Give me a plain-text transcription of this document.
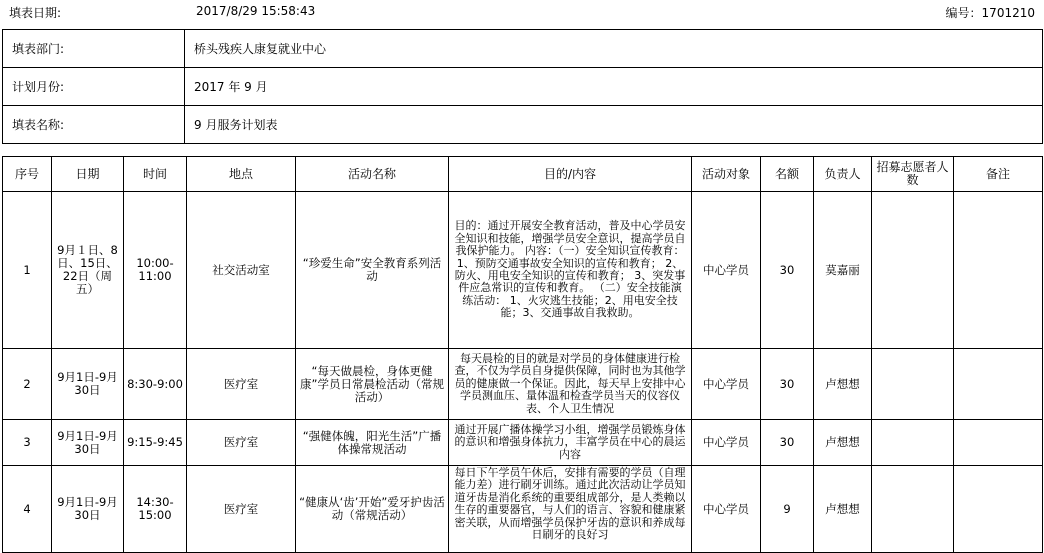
填表日期:	2017/8/29 15:58:43	编号：1701210
填表部门:	桥头残疾人康复就业中心
计划月份:	2017 年 9 月
填表名称:	9 月服务计划表
序号	日期	时间	地点	活动名称	目的/内容	活动对象	名额	负责人	招募志愿者人数	备注
1	9月１日、8日、15日、22日（周五）	10:00-11:00	社交活动室	“珍爱生命”安全教育系列活动	目的：通过开展安全教育活动，普及中心学员安全知识和技能，增强学员安全意识，提高学员自我保护能力。 内容：（一）安全知识宣传教育： 1、预防交通事故安全知识的宣传和教育； 2、防火、用电安全知识的宣传和教育； 3、突发事件应急常识的宣传和教育。 （二）安全技能演练活动： 1、火灾逃生技能；2、用电安全技能；3、交通事故自我救助。	中心学员	30	莫嘉丽		
2	9月1日-9月30日	8:30-9:00	医疗室	“每天做晨检，身体更健康”学员日常晨检活动（常规活动）	每天晨检的目的就是对学员的身体健康进行检查，不仅为学员自身提供保障，同时也为其他学员的健康做一个保证。因此，每天早上安排中心学员测血压、量体温和检查学员当天的仪容仪表、个人卫生情况	中心学员	30	卢想想		
3	9月1日-9月30日	9:15-9:45	医疗室	“强健体魄，阳光生活”广播体操常规活动	通过开展广播体操学习小组，增强学员锻炼身体的意识和增强身体抗力，丰富学员在中心的晨运内容	中心学员	30	卢想想		
4	9月1日-9月30日	14:30-15:00	医疗室	“健康从‘齿’开始”爱牙护齿活动（常规活动）	每日下午学员午休后，安排有需要的学员（自理能力差）进行刷牙训练。通过此次活动让学员知道牙齿是消化系统的重要组成部分，是人类赖以生存的重要器官，与人们的语言、容貌和健康紧密关联，从而增强学员保护牙齿的意识和养成每日刷牙的良好习	中心学员	9	卢想想		
